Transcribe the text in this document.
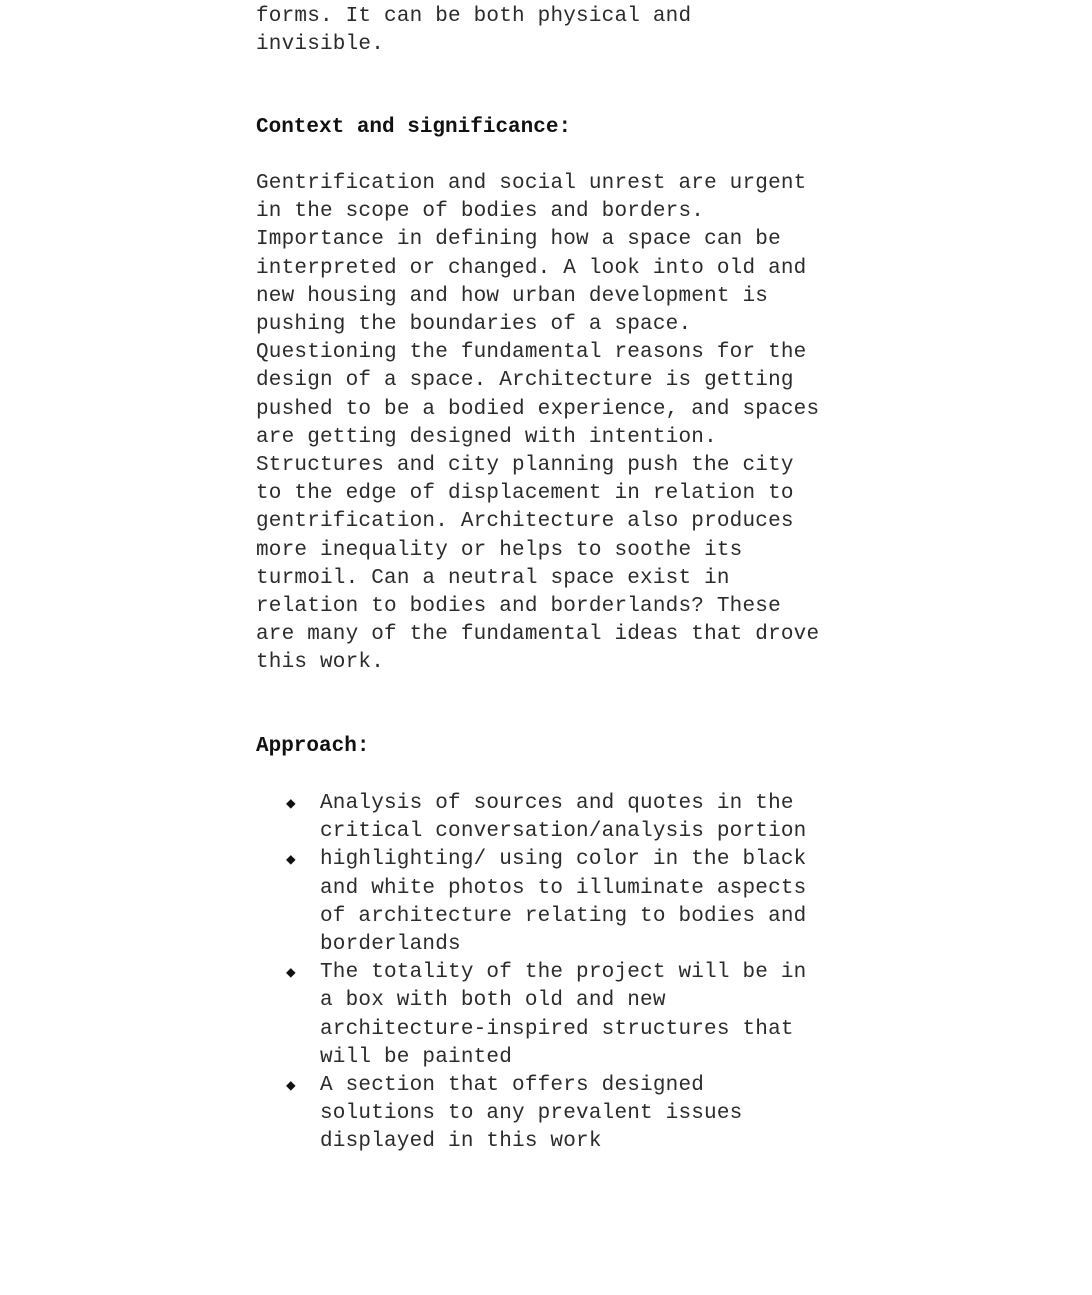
forms. It can be both physical and

invisible.

Context and significance:

Gentrification and social unrest are urgent

in the scope of bodies and borders.

Importance in defining how a space can be

interpreted or changed. A look into old and

new housing and how urban development is

pushing the boundaries of a space.

Questioning the fundamental reasons for the

design of a space. Architecture is getting

pushed to be a bodied experience, and spaces

are getting designed with intention.

Structures and city planning push the city

to the edge of displacement in relation to

gentrification. Architecture also produces

more inequality or helps to soothe its

turmoil. Can a neutral space exist in

relation to bodies and borderlands? These

are many of the fundamental ideas that drove

this work.

Approach:
◆ Analysis of sources and quotes in the

critical conversation/analysis portion

◆ highlighting/ using color in the black

and white photos to illuminate aspects

of architecture relating to bodies and

borderlands

◆ The totality of the project will be in

a box with both old and new

architecture-inspired structures that

will be painted

◆ A section that offers designed

solutions to any prevalent issues

displayed in this work
